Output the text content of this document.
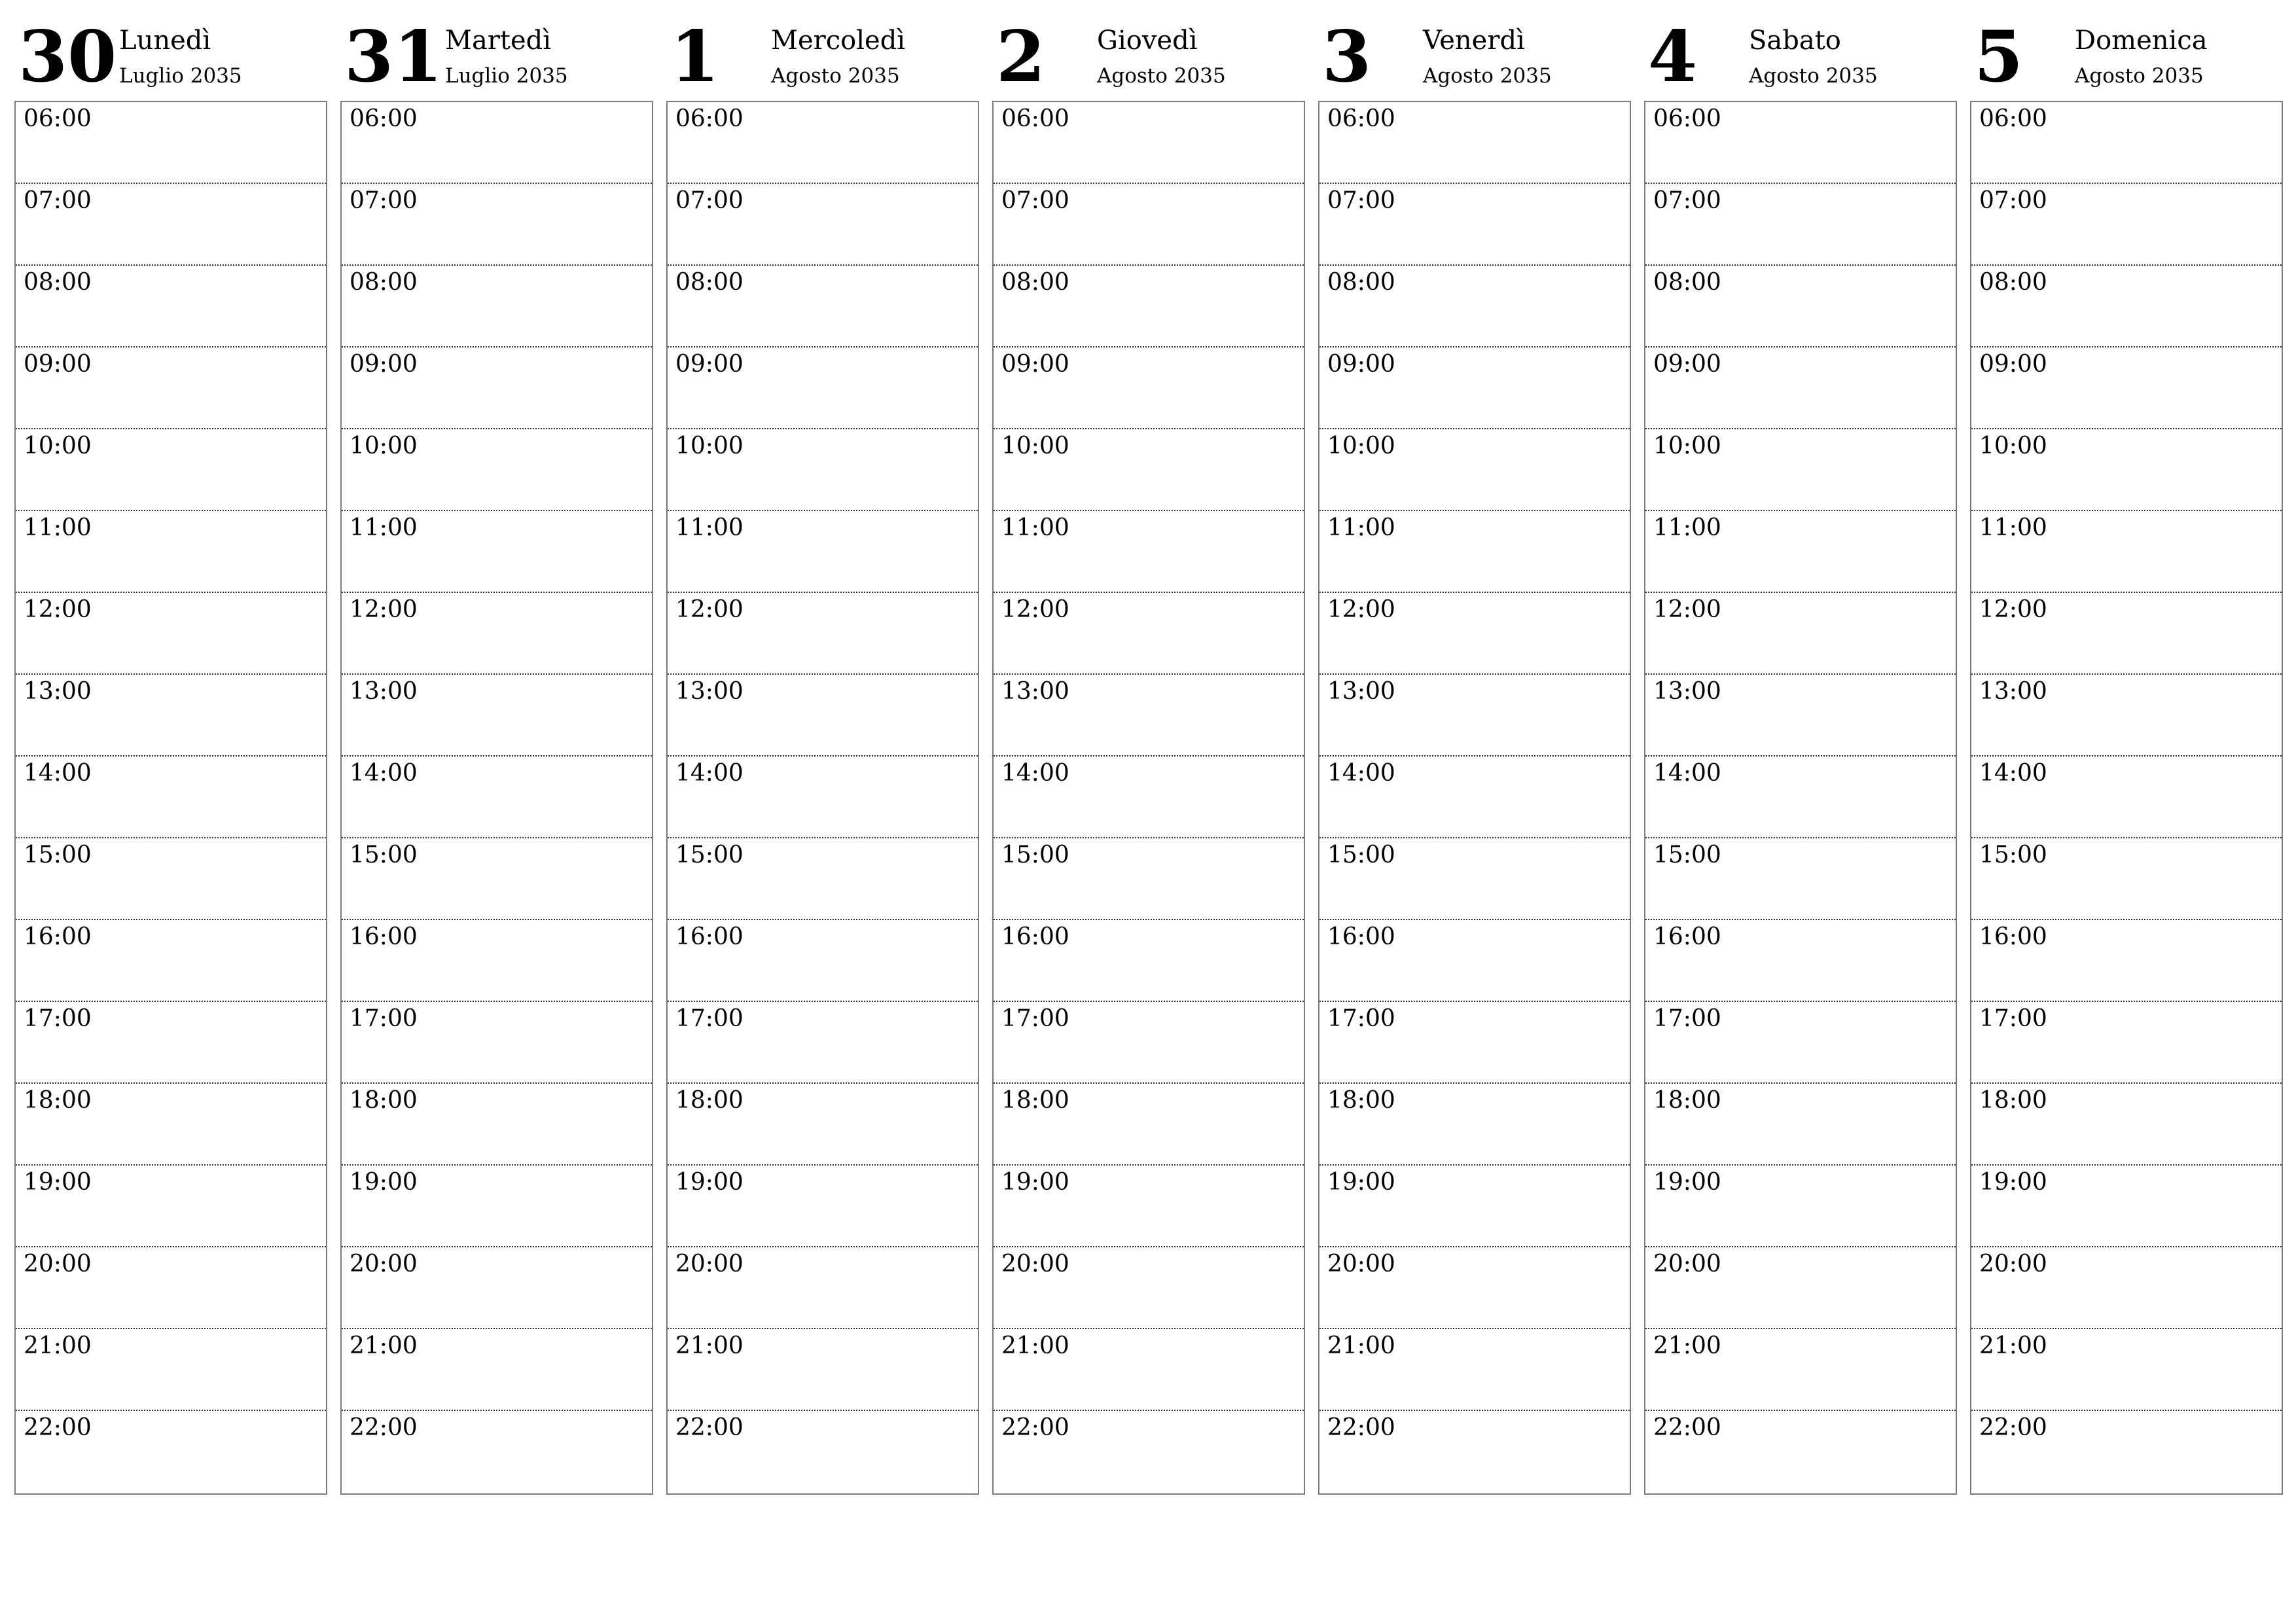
30 Lunedì
Luglio 2035
06:00
07:00
08:00
09:00
10:00
11:00
12:00
13:00
14:00
15:00
16:00
17:00
18:00
19:00
20:00
21:00
22:00
31 Martedì
Luglio 2035
06:00
07:00
08:00
09:00
10:00
11:00
12:00
13:00
14:00
15:00
16:00
17:00
18:00
19:00
20:00
21:00
22:00
1 Mercoledì
Agosto 2035
06:00
07:00
08:00
09:00
10:00
11:00
12:00
13:00
14:00
15:00
16:00
17:00
18:00
19:00
20:00
21:00
22:00
2 Giovedì
Agosto 2035
06:00
07:00
08:00
09:00
10:00
11:00
12:00
13:00
14:00
15:00
16:00
17:00
18:00
19:00
20:00
21:00
22:00
3 Venerdì
Agosto 2035
06:00
07:00
08:00
09:00
10:00
11:00
12:00
13:00
14:00
15:00
16:00
17:00
18:00
19:00
20:00
21:00
22:00
4 Sabato
Agosto 2035
06:00
07:00
08:00
09:00
10:00
11:00
12:00
13:00
14:00
15:00
16:00
17:00
18:00
19:00
20:00
21:00
22:00
5 Domenica
Agosto 2035
06:00
07:00
08:00
09:00
10:00
11:00
12:00
13:00
14:00
15:00
16:00
17:00
18:00
19:00
20:00
21:00
22:00
